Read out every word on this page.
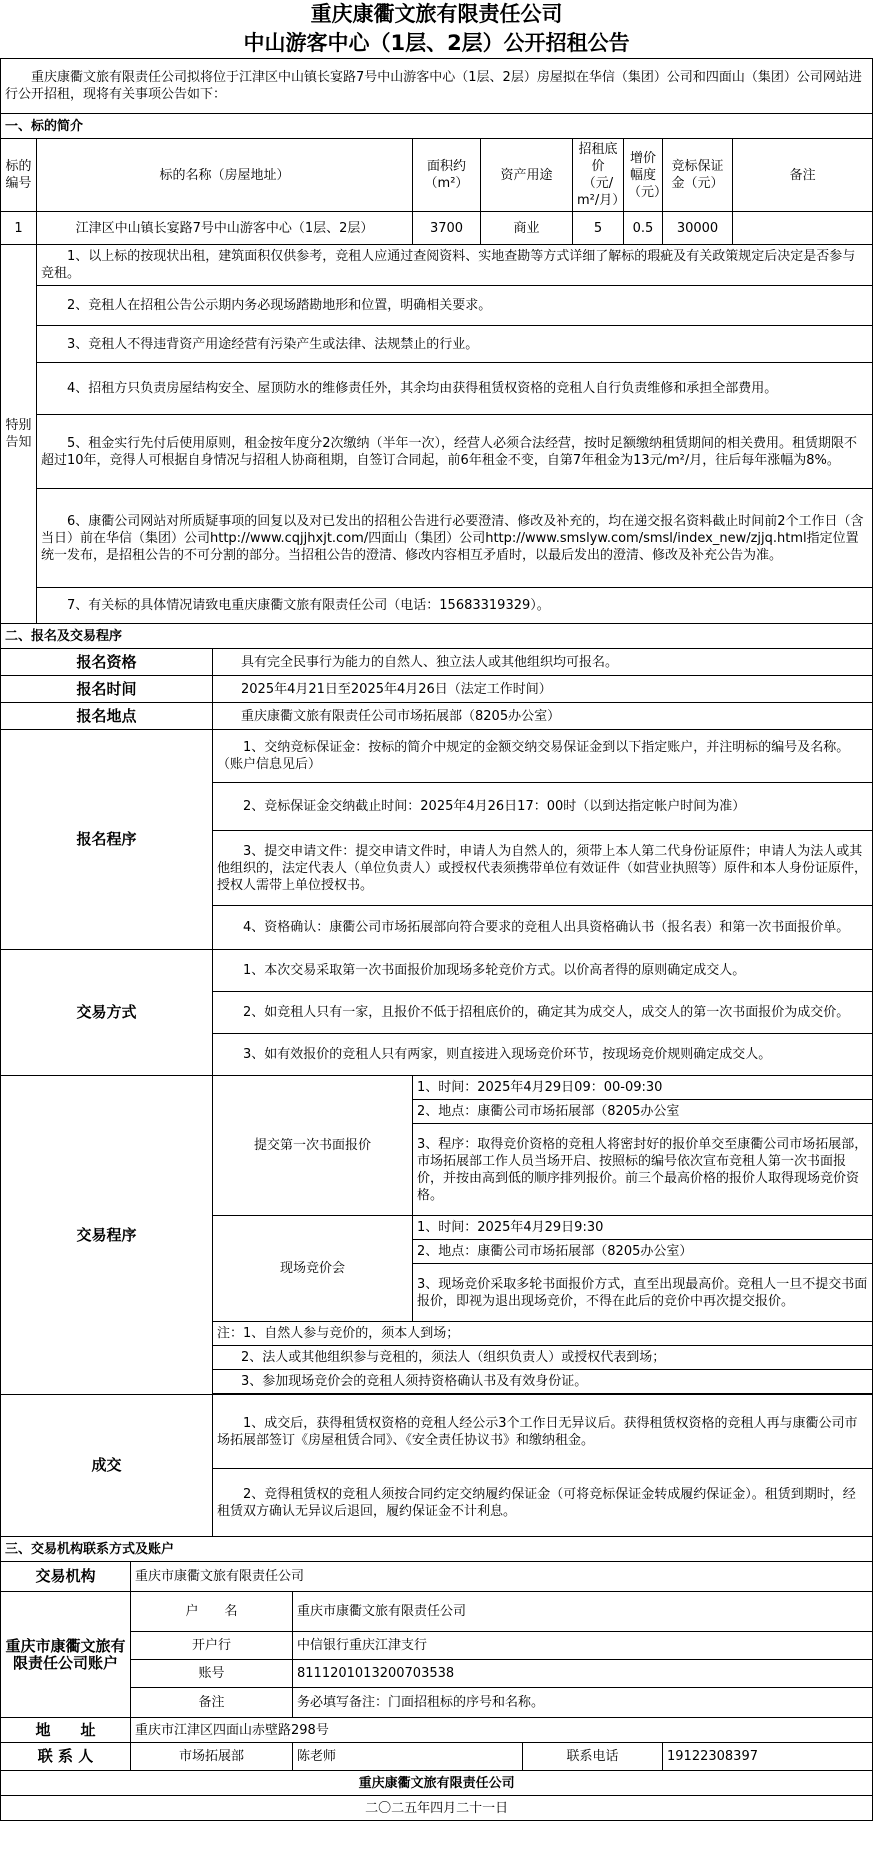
重庆康衢文旅有限责任公司
中山游客中心（1层、2层）公开招租公告											

重庆康衢文旅有限责任公司拟将位于江津区中山镇长宴路7号中山游客中心（1层、2层）房屋拟在华信（集团）公司和四面山（集团）公司网站进行公开招租，现将有关事项公告如下：											
一、标的简介											
标的编号	标的名称（房屋地址）				面积约（m²）	资产用途		招租底价（元/m²/月）	增价幅度（元）	竞标保证金（元）	备注
1	江津区中山镇长宴路7号中山游客中心（1层、2层）				3700	商业		5	0.5	30000	
特别告知	1、以上标的按现状出租，建筑面积仅供参考，竞租人应通过查阅资料、实地查勘等方式详细了解标的瑕疵及有关政策规定后决定是否参与竞租。										
	2、竞租人在招租公告公示期内务必现场踏勘地形和位置，明确相关要求。										
	3、竞租人不得违背资产用途经营有污染产生或法律、法规禁止的行业。										
	4、招租方只负责房屋结构安全、屋顶防水的维修责任外，其余均由获得租赁权资格的竞租人自行负责维修和承担全部费用。										
	5、租金实行先付后使用原则，租金按年度分2次缴纳（半年一次），经营人必须合法经营，按时足额缴纳租赁期间的相关费用。租赁期限不超过10年，竞得人可根据自身情况与招租人协商租期，自签订合同起，前6年租金不变，自第7年租金为13元/m²/月，往后每年涨幅为8%。										
	6、康衢公司网站对所质疑事项的回复以及对已发出的招租公告进行必要澄清、修改及补充的，均在递交报名资料截止时间前2个工作日（含当日）前在华信（集团）公司http://www.cqjjhxjt.com/四面山（集团）公司http://www.smslyw.com/smsl/index_new/zjjq.html指定位置统一发布，是招租公告的不可分割的部分。当招租公告的澄清、修改内容相互矛盾时，以最后发出的澄清、修改及补充公告为准。										
	7、有关标的具体情况请致电重庆康衢文旅有限责任公司（电话：15683319329）。										
二、报名及交易程序											
报名资格			具有完全民事行为能力的自然人、独立法人或其他组织均可报名。								
报名时间			2025年4月21日至2025年4月26日（法定工作时间）								
报名地点			重庆康衢文旅有限责任公司市场拓展部（8205办公室）								
报名程序			1、交纳竞标保证金：按标的简介中规定的金额交纳交易保证金到以下指定账户，并注明标的编号及名称。（账户信息见后）								
			2、竞标保证金交纳截止时间：2025年4月26日17：00时（以到达指定帐户时间为准）								
			3、提交申请文件：提交申请文件时，申请人为自然人的，须带上本人第二代身份证原件；申请人为法人或其他组织的，法定代表人（单位负责人）或授权代表须携带单位有效证件（如营业执照等）原件和本人身份证原件，授权人需带上单位授权书。								
			4、资格确认：康衢公司市场拓展部向符合要求的竞租人出具资格确认书（报名表）和第一次书面报价单。								
交易方式			1、本次交易采取第一次书面报价加现场多轮竞价方式。以价高者得的原则确定成交人。								
			2、如竞租人只有一家，且报价不低于招租底价的，确定其为成交人，成交人的第一次书面报价为成交价。								
			3、如有效报价的竞租人只有两家，则直接进入现场竞价环节，按现场竞价规则确定成交人。								
交易程序			提交第一次书面报价		1、时间：2025年4月29日09：00-09:30						
					2、地点：康衢公司市场拓展部（8205办公室						
					3、程序：取得竞价资格的竞租人将密封好的报价单交至康衢公司市场拓展部，市场拓展部工作人员当场开启、按照标的编号依次宣布竞租人第一次书面报价，并按由高到低的顺序排列报价。前三个最高价格的报价人取得现场竞价资格。						
			现场竞价会		1、时间：2025年4月29日9:30						
					2、地点：康衢公司市场拓展部（8205办公室）						
					3、现场竞价采取多轮书面报价方式，直至出现最高价。竞租人一旦不提交书面报价，即视为退出现场竞价，不得在此后的竞价中再次提交报价。						
			注：1、自然人参与竞价的，须本人到场；								
			2、法人或其他组织参与竞租的，须法人（组织负责人）或授权代表到场；								
			3、参加现场竞价会的竞租人须持资格确认书及有效身份证。								

成交			1、成交后，获得租赁权资格的竞租人经公示3个工作日无异议后。获得租赁权资格的竞租人再与康衢公司市场拓展部签订《房屋租赁合同》、《安全责任协议书》和缴纳租金。								
			2、竞得租赁权的竞租人须按合同约定交纳履约保证金（可将竞标保证金转成履约保证金）。租赁到期时，经租赁双方确认无异议后退回，履约保证金不计利息。								
三、交易机构联系方式及账户											
交易机构		重庆市康衢文旅有限责任公司									
重庆市康衢文旅有限责任公司账户		户　　名		重庆市康衢文旅有限责任公司							
		开户行		中信银行重庆江津支行							
		账号		8111201013200703538							
		备注		务必填写备注：门面招租标的序号和名称。							
地　　址		重庆市江津区四面山赤壁路298号									
联 系 人		市场拓展部		陈老师			联系电话			19122308397	
重庆康衢文旅有限责任公司											
二〇二五年四月二十一日											
